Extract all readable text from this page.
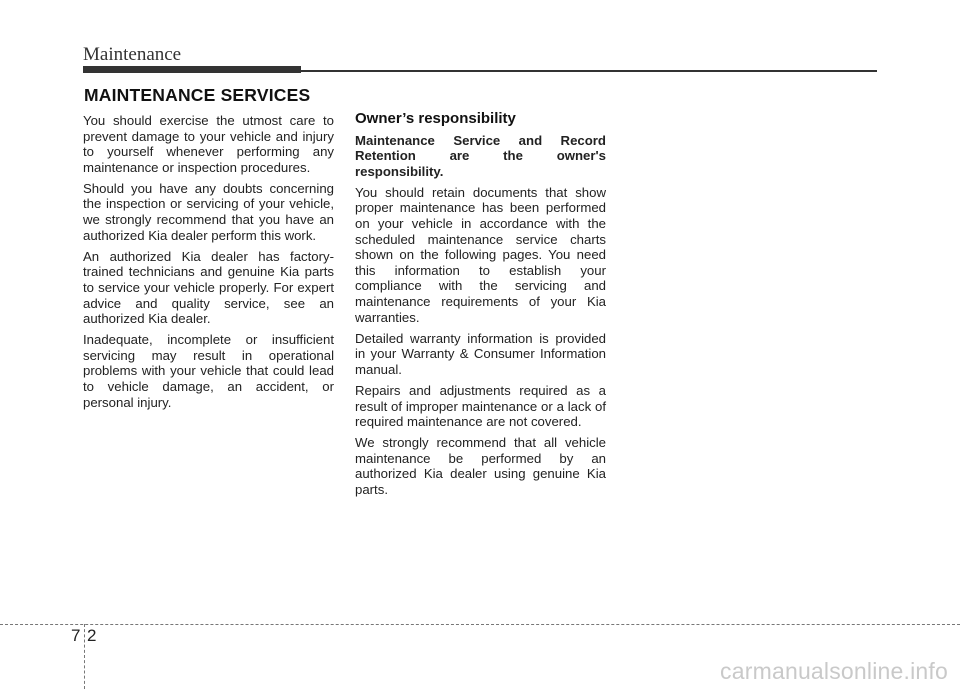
Maintenance
MAINTENANCE SERVICES

You should exercise the utmost care to prevent damage to your vehicle and injury to yourself whenever performing any maintenance or inspection procedures.

Should you have any doubts concerning the inspection or servicing of your vehicle, we strongly recommend that you have an authorized Kia dealer perform this work.

An authorized Kia dealer has factory-trained technicians and genuine Kia parts to service your vehicle properly. For expert advice and quality service, see an authorized Kia dealer.

Inadequate, incomplete or insufficient servicing may result in operational problems with your vehicle that could lead to vehicle damage, an accident, or personal injury.

Owner’s responsibility

Maintenance Service and Record Retention are the owner's responsibility.

You should retain documents that show proper maintenance has been performed on your vehicle in accordance with the scheduled maintenance service charts shown on the following pages. You need this information to establish your compliance with the servicing and maintenance requirements of your Kia warranties.

Detailed warranty information is provided in your Warranty & Consumer Information manual.

Repairs and adjustments required as a result of improper maintenance or a lack of required maintenance are not covered.

We strongly recommend that all vehicle maintenance be performed by an authorized Kia dealer using genuine Kia parts.

7 2
carmanualsonline.info
